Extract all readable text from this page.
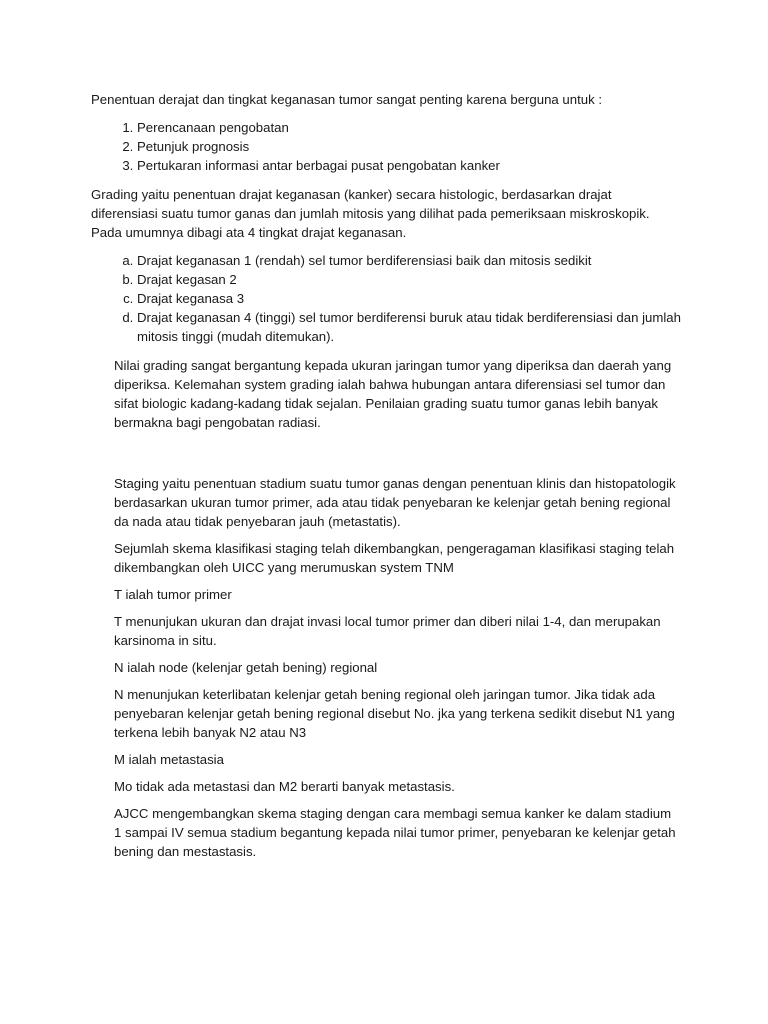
Penentuan derajat dan tingkat keganasan tumor sangat penting karena berguna untuk :

1. Perencanaan pengobatan
2. Petunjuk prognosis
3. Pertukaran informasi antar berbagai pusat pengobatan kanker

Grading yaitu penentuan drajat keganasan (kanker) secara histologic, berdasarkan drajat diferensiasi suatu tumor ganas dan jumlah mitosis yang dilihat pada pemeriksaan miskroskopik. Pada umumnya dibagi ata 4 tingkat drajat keganasan.

a. Drajat keganasan 1 (rendah) sel tumor berdiferensiasi baik dan mitosis sedikit
b. Drajat kegasan 2
c. Drajat keganasa 3
d. Drajat keganasan 4 (tinggi) sel tumor berdiferensi buruk atau tidak berdiferensiasi dan jumlah mitosis tinggi (mudah ditemukan).

Nilai grading sangat bergantung kepada ukuran jaringan tumor yang diperiksa dan daerah yang diperiksa. Kelemahan system grading ialah bahwa hubungan antara diferensiasi sel tumor dan sifat biologic kadang-kadang tidak sejalan. Penilaian grading suatu tumor ganas lebih banyak bermakna bagi pengobatan radiasi.

Staging yaitu penentuan stadium suatu tumor ganas dengan penentuan klinis dan histopatologik berdasarkan ukuran tumor primer, ada atau tidak penyebaran ke kelenjar getah bening regional da nada atau tidak penyebaran jauh (metastatis).

Sejumlah skema klasifikasi staging telah dikembangkan, pengeragaman klasifikasi staging telah dikembangkan oleh UICC yang merumuskan system TNM

T ialah tumor primer

T menunjukan ukuran dan drajat invasi local tumor primer dan diberi nilai 1-4, dan merupakan karsinoma in situ.

N ialah node (kelenjar getah bening) regional

N menunjukan keterlibatan kelenjar getah bening regional oleh jaringan tumor. Jika tidak ada penyebaran kelenjar getah bening regional disebut No. jka yang terkena sedikit disebut N1 yang terkena lebih banyak N2 atau N3

M ialah metastasia

Mo tidak ada metastasi dan M2 berarti banyak metastasis.

AJCC mengembangkan skema staging dengan cara membagi semua kanker ke dalam stadium 1 sampai IV semua stadium begantung kepada nilai tumor primer, penyebaran ke kelenjar getah bening dan mestastasis.
